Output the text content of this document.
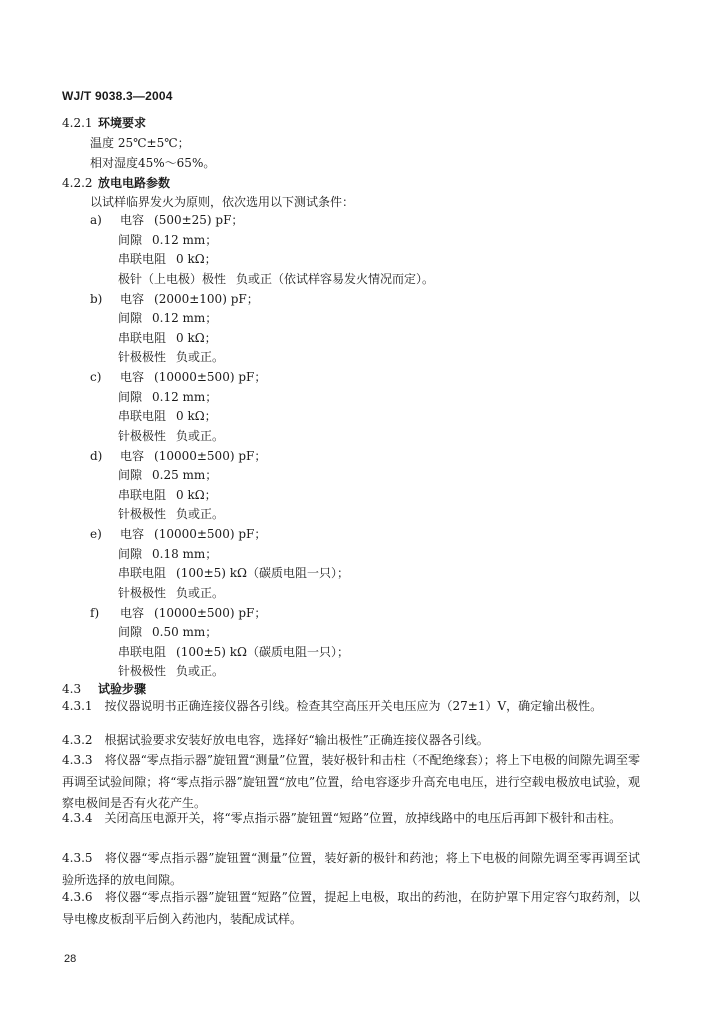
WJ/T 9038.3—2004
4.2.1 环境要求
温度 25℃±5℃；
相对湿度45%～65%。
4.2.2 放电电路参数
以试样临界发火为原则，依次选用以下测试条件：
a) 电容 (500±25) pF；
间隙 0.12 mm；
串联电阻 0 kΩ；
极针（上电极）极性 负或正（依试样容易发火情况而定）。
b) 电容 (2000±100) pF；
间隙 0.12 mm；
串联电阻 0 kΩ；
针极极性 负或正。
c) 电容 (10000±500) pF；
间隙 0.12 mm；
串联电阻 0 kΩ；
针极极性 负或正。
d) 电容 (10000±500) pF；
间隙 0.25 mm；
串联电阻 0 kΩ；
针极极性 负或正。
e) 电容 (10000±500) pF；
间隙 0.18 mm；
串联电阻 (100±5) kΩ（碳质电阻一只）；
针极极性 负或正。
f) 电容 (10000±500) pF；
间隙 0.50 mm；
串联电阻 (100±5) kΩ（碳质电阻一只）；
针极极性 负或正。
4.3 试验步骤
4.3.1　按仪器说明书正确连接仪器各引线。检查其空高压开关电压应为（27±1）V，确定输出极性。
4.3.2　根据试验要求安装好放电电容，选择好“输出极性”正确连接仪器各引线。
4.3.3　将仪器“零点指示器”旋钮置“测量”位置，装好极针和击柱（不配绝缘套）；将上下电极的间隙先调至零再调至试验间隙；将“零点指示器”旋钮置“放电”位置，给电容逐步升高充电电压，进行空载电极放电试验，观察电极间是否有火花产生。
4.3.4　关闭高压电源开关，将“零点指示器”旋钮置“短路”位置，放掉线路中的电压后再卸下极针和击柱。
4.3.5　将仪器“零点指示器”旋钮置“测量”位置，装好新的极针和药池；将上下电极的间隙先调至零再调至试验所选择的放电间隙。
4.3.6　将仪器“零点指示器”旋钮置“短路”位置，提起上电极，取出的药池，在防护罩下用定容勺取药剂，以导电橡皮板刮平后倒入药池内，装配成试样。
28
